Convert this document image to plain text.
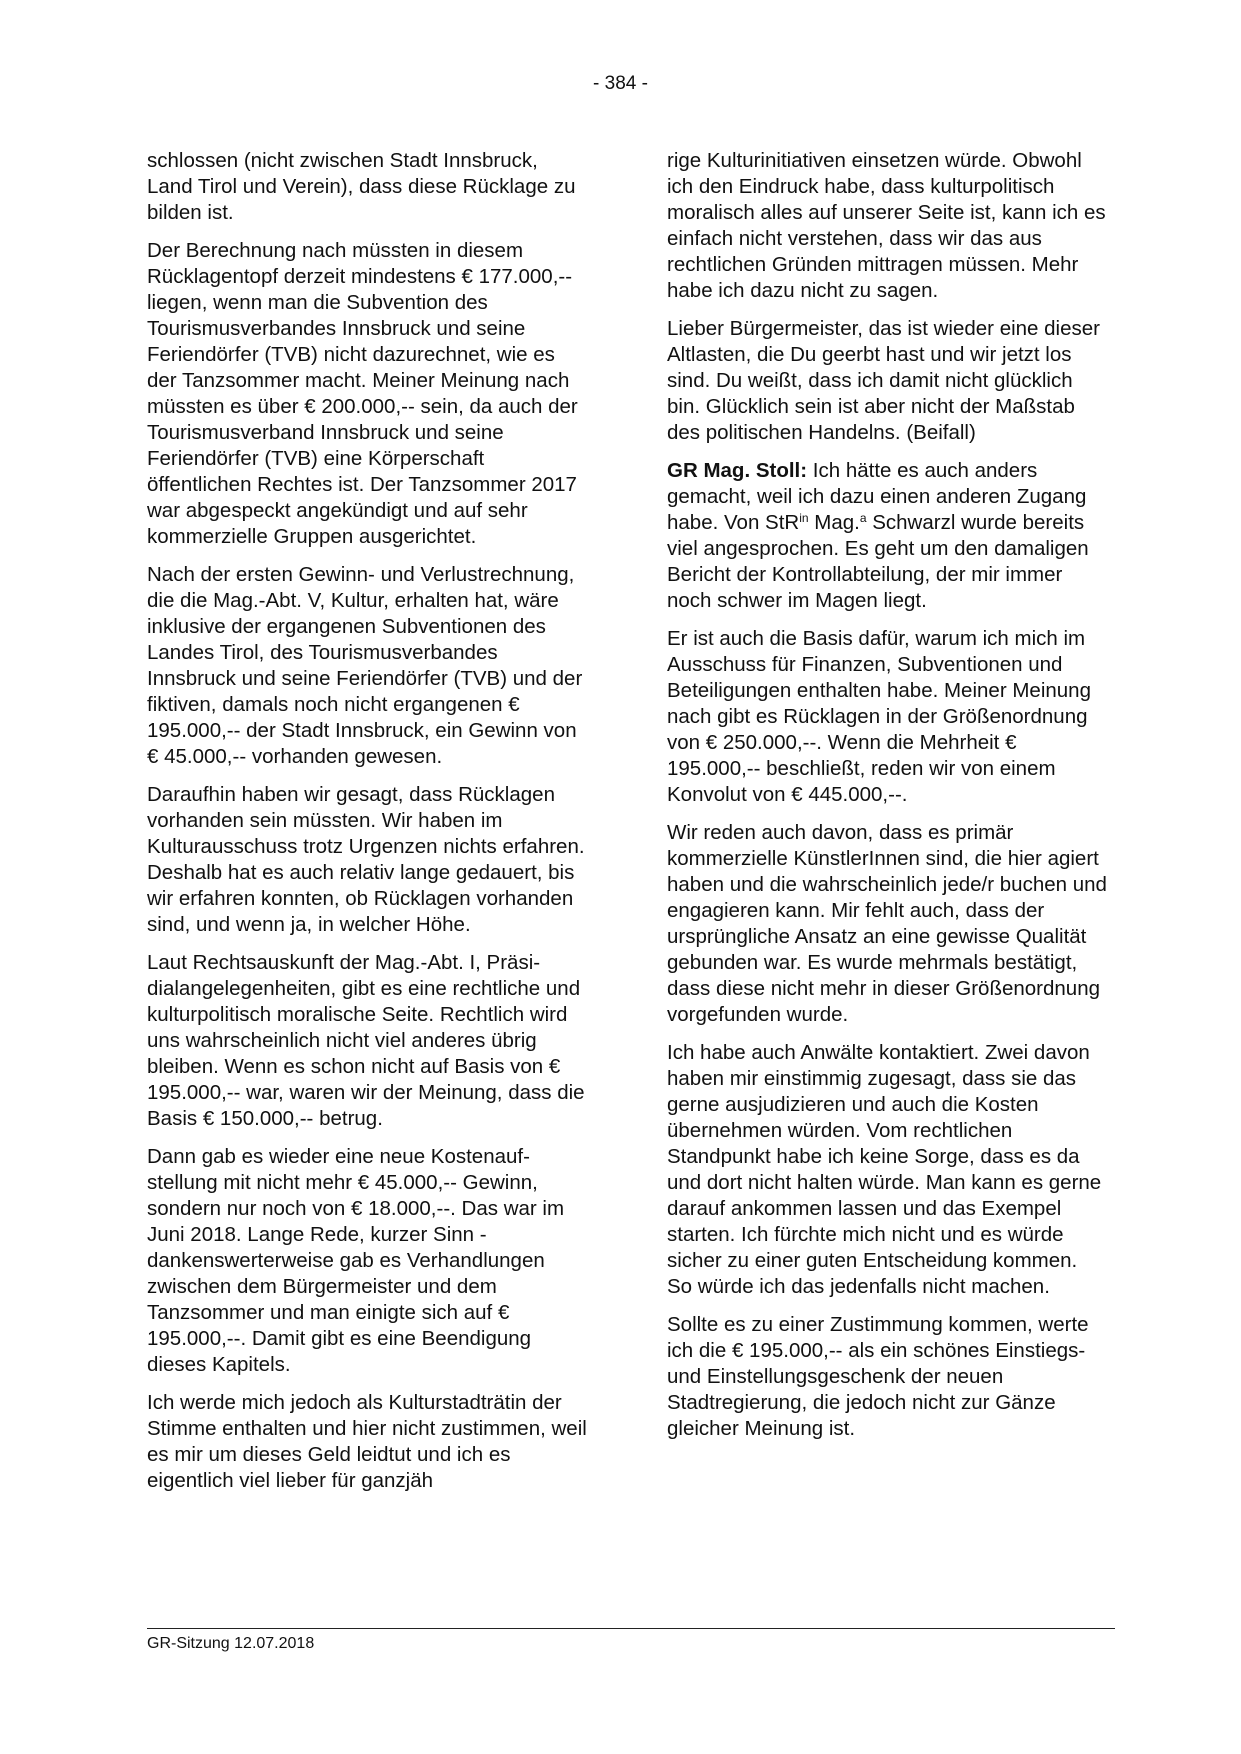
- 384 -

schlossen (nicht zwischen Stadt Innsbruck, Land Tirol und Verein), dass diese Rücklage zu bilden ist.

Der Berechnung nach müssten in diesem Rücklagentopf derzeit mindestens € 177.000,-- liegen, wenn man die Subvention des Tourismusverbandes Innsbruck und seine Feriendörfer (TVB) nicht dazurechnet, wie es der Tanzsommer macht. Meiner Meinung nach müssten es über € 200.000,-- sein, da auch der Tourismusverband Innsbruck und seine Feriendörfer (TVB) eine Körperschaft öffentlichen Rechtes ist. Der Tanzsommer 2017 war abgespeckt angekündigt und auf sehr kommerzielle Gruppen ausgerichtet.

Nach der ersten Gewinn- und Verlustrechnung, die die Mag.-Abt. V, Kultur, erhalten hat, wäre inklusive der ergangenen Subventionen des Landes Tirol, des Tourismusverbandes Innsbruck und seine Feriendörfer (TVB) und der fiktiven, damals noch nicht ergangenen € 195.000,-- der Stadt Innsbruck, ein Gewinn von € 45.000,-- vorhanden gewesen.

Daraufhin haben wir gesagt, dass Rücklagen vorhanden sein müssten. Wir haben im Kulturausschuss trotz Urgenzen nichts erfahren. Deshalb hat es auch relativ lange gedauert, bis wir erfahren konnten, ob Rücklagen vorhanden sind, und wenn ja, in welcher Höhe.

Laut Rechtsauskunft der Mag.-Abt. I, Präsidialangelegenheiten, gibt es eine rechtliche und kulturpolitisch moralische Seite. Rechtlich wird uns wahrscheinlich nicht viel anderes übrig bleiben. Wenn es schon nicht auf Basis von € 195.000,-- war, waren wir der Meinung, dass die Basis € 150.000,-- betrug.

Dann gab es wieder eine neue Kostenaufstellung mit nicht mehr € 45.000,-- Gewinn, sondern nur noch von € 18.000,--. Das war im Juni 2018. Lange Rede, kurzer Sinn - dankenswerterweise gab es Verhandlungen zwischen dem Bürgermeister und dem Tanzsommer und man einigte sich auf € 195.000,--. Damit gibt es eine Beendigung dieses Kapitels.

Ich werde mich jedoch als Kulturstadträtin der Stimme enthalten und hier nicht zustimmen, weil es mir um dieses Geld leidtut und ich es eigentlich viel lieber für ganzjäh

rige Kulturinitiativen einsetzen würde. Obwohl ich den Eindruck habe, dass kulturpolitisch moralisch alles auf unserer Seite ist, kann ich es einfach nicht verstehen, dass wir das aus rechtlichen Gründen mittragen müssen. Mehr habe ich dazu nicht zu sagen.

Lieber Bürgermeister, das ist wieder eine dieser Altlasten, die Du geerbt hast und wir jetzt los sind. Du weißt, dass ich damit nicht glücklich bin. Glücklich sein ist aber nicht der Maßstab des politischen Handelns. (Beifall)

GR Mag. Stoll: Ich hätte es auch anders gemacht, weil ich dazu einen anderen Zugang habe. Von StR$^{in}$ Mag.$^a$ Schwarzl wurde bereits viel angesprochen. Es geht um den damaligen Bericht der Kontrollabteilung, der mir immer noch schwer im Magen liegt.

Er ist auch die Basis dafür, warum ich mich im Ausschuss für Finanzen, Subventionen und Beteiligungen enthalten habe. Meiner Meinung nach gibt es Rücklagen in der Größenordnung von € 250.000,--. Wenn die Mehrheit € 195.000,-- beschließt, reden wir von einem Konvolut von € 445.000,--.

Wir reden auch davon, dass es primär kommerzielle KünstlerInnen sind, die hier agiert haben und die wahrscheinlich jede/r buchen und engagieren kann. Mir fehlt auch, dass der ursprüngliche Ansatz an eine gewisse Qualität gebunden war. Es wurde mehrmals bestätigt, dass diese nicht mehr in dieser Größenordnung vorgefunden wurde.

Ich habe auch Anwälte kontaktiert. Zwei davon haben mir einstimmig zugesagt, dass sie das gerne ausjudizieren und auch die Kosten übernehmen würden. Vom rechtlichen Standpunkt habe ich keine Sorge, dass es da und dort nicht halten würde. Man kann es gerne darauf ankommen lassen und das Exempel starten. Ich fürchte mich nicht und es würde sicher zu einer guten Entscheidung kommen. So würde ich das jedenfalls nicht machen.

Sollte es zu einer Zustimmung kommen, werte ich die € 195.000,-- als ein schönes Einstiegs- und Einstellungsgeschenk der neuen Stadtregierung, die jedoch nicht zur Gänze gleicher Meinung ist.

GR-Sitzung 12.07.2018
